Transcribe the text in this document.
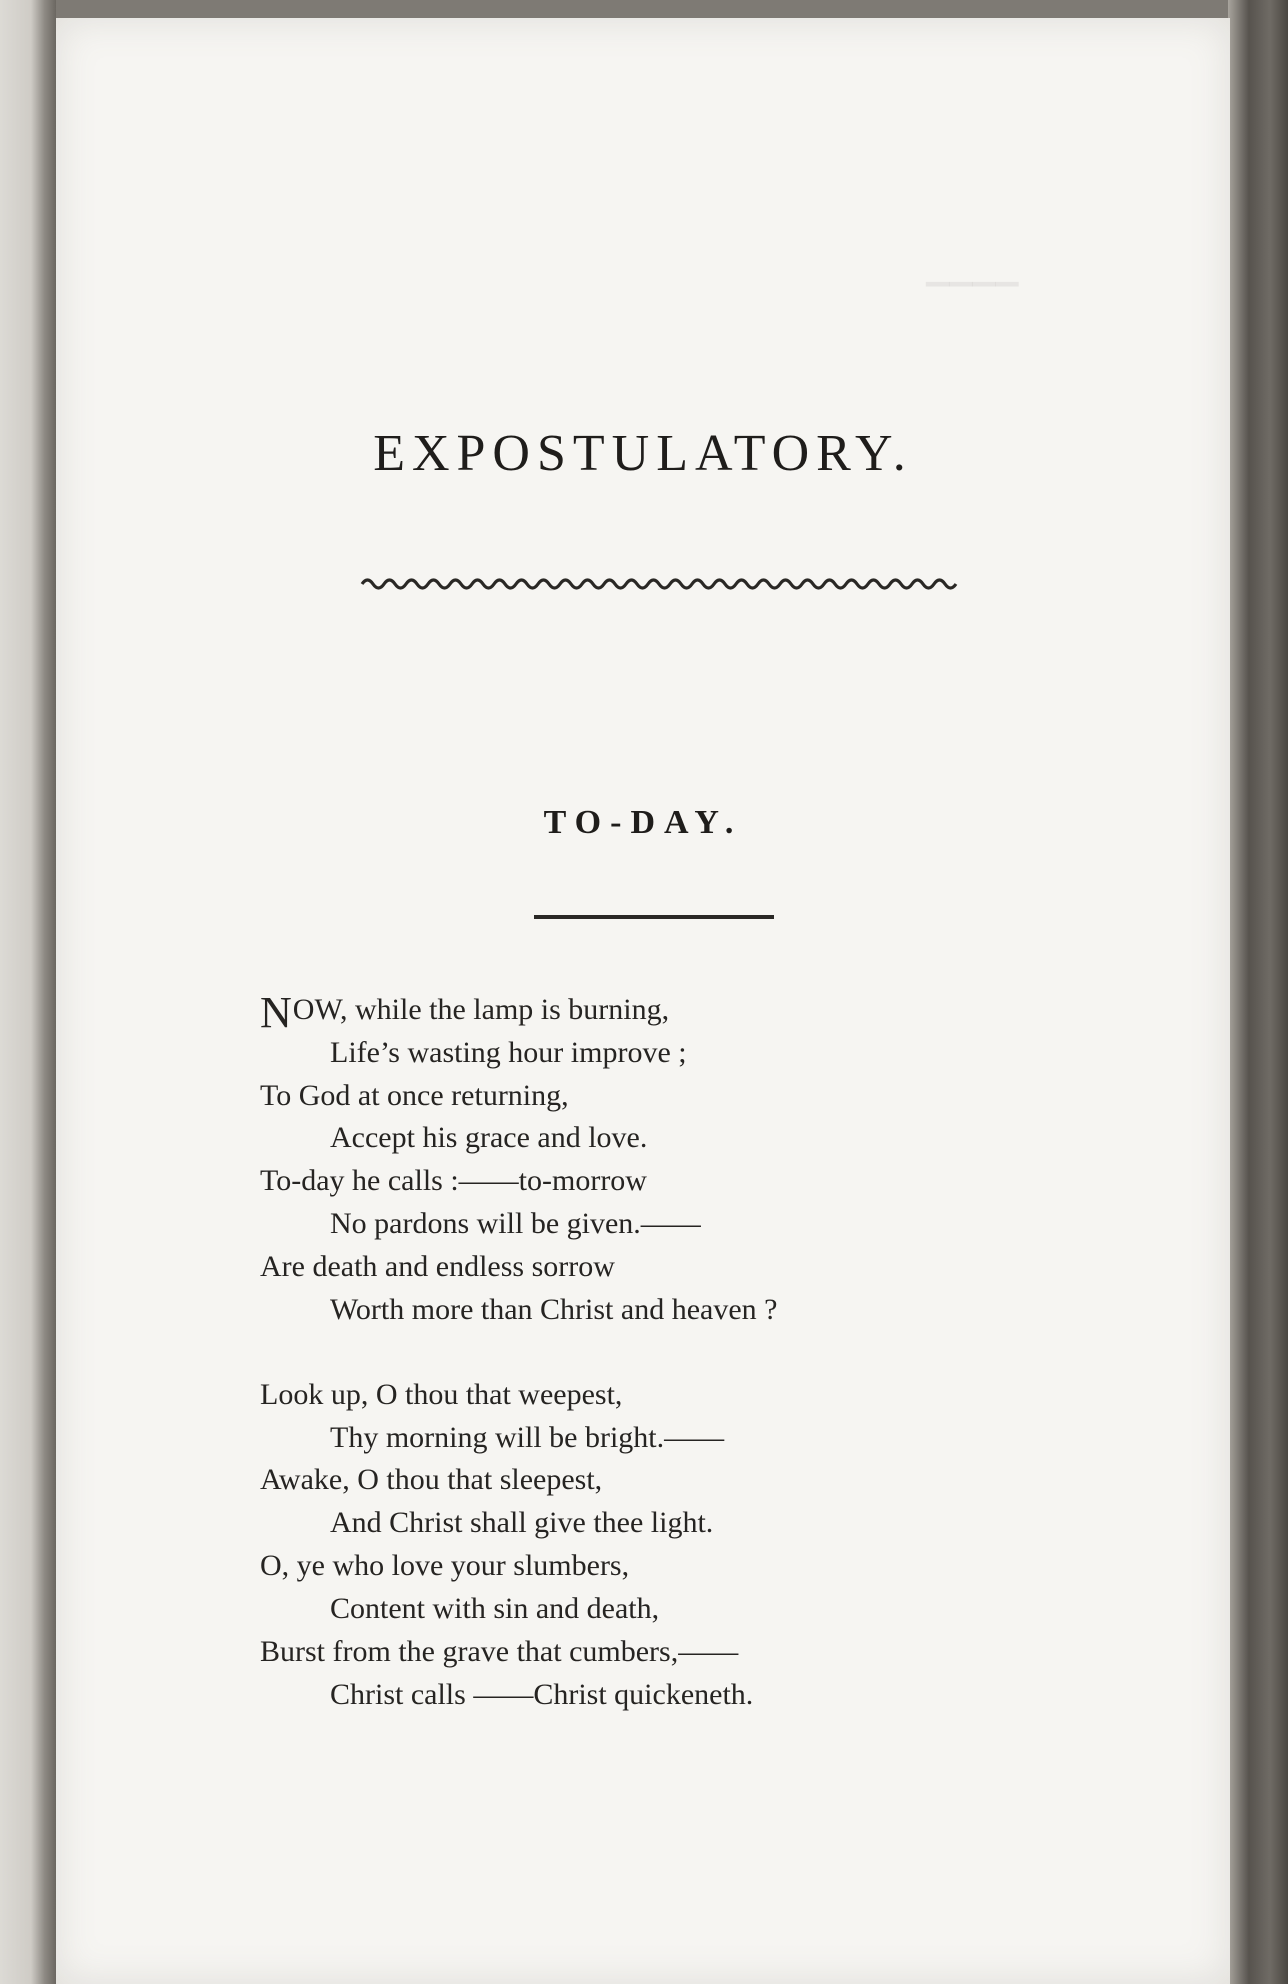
▔▔▔▔
EXPOSTULATORY.
TO-DAY.
NOW, while the lamp is burning,
Life’s wasting hour improve ;
To God at once returning,
Accept his grace and love.
To-day he calls :——to-morrow
No pardons will be given.——
Are death and endless sorrow
Worth more than Christ and heaven ?
Look up, O thou that weepest,
Thy morning will be bright.——
Awake, O thou that sleepest,
And Christ shall give thee light.
O, ye who love your slumbers,
Content with sin and death,
Burst from the grave that cumbers,——
Christ calls ——Christ quickeneth.
